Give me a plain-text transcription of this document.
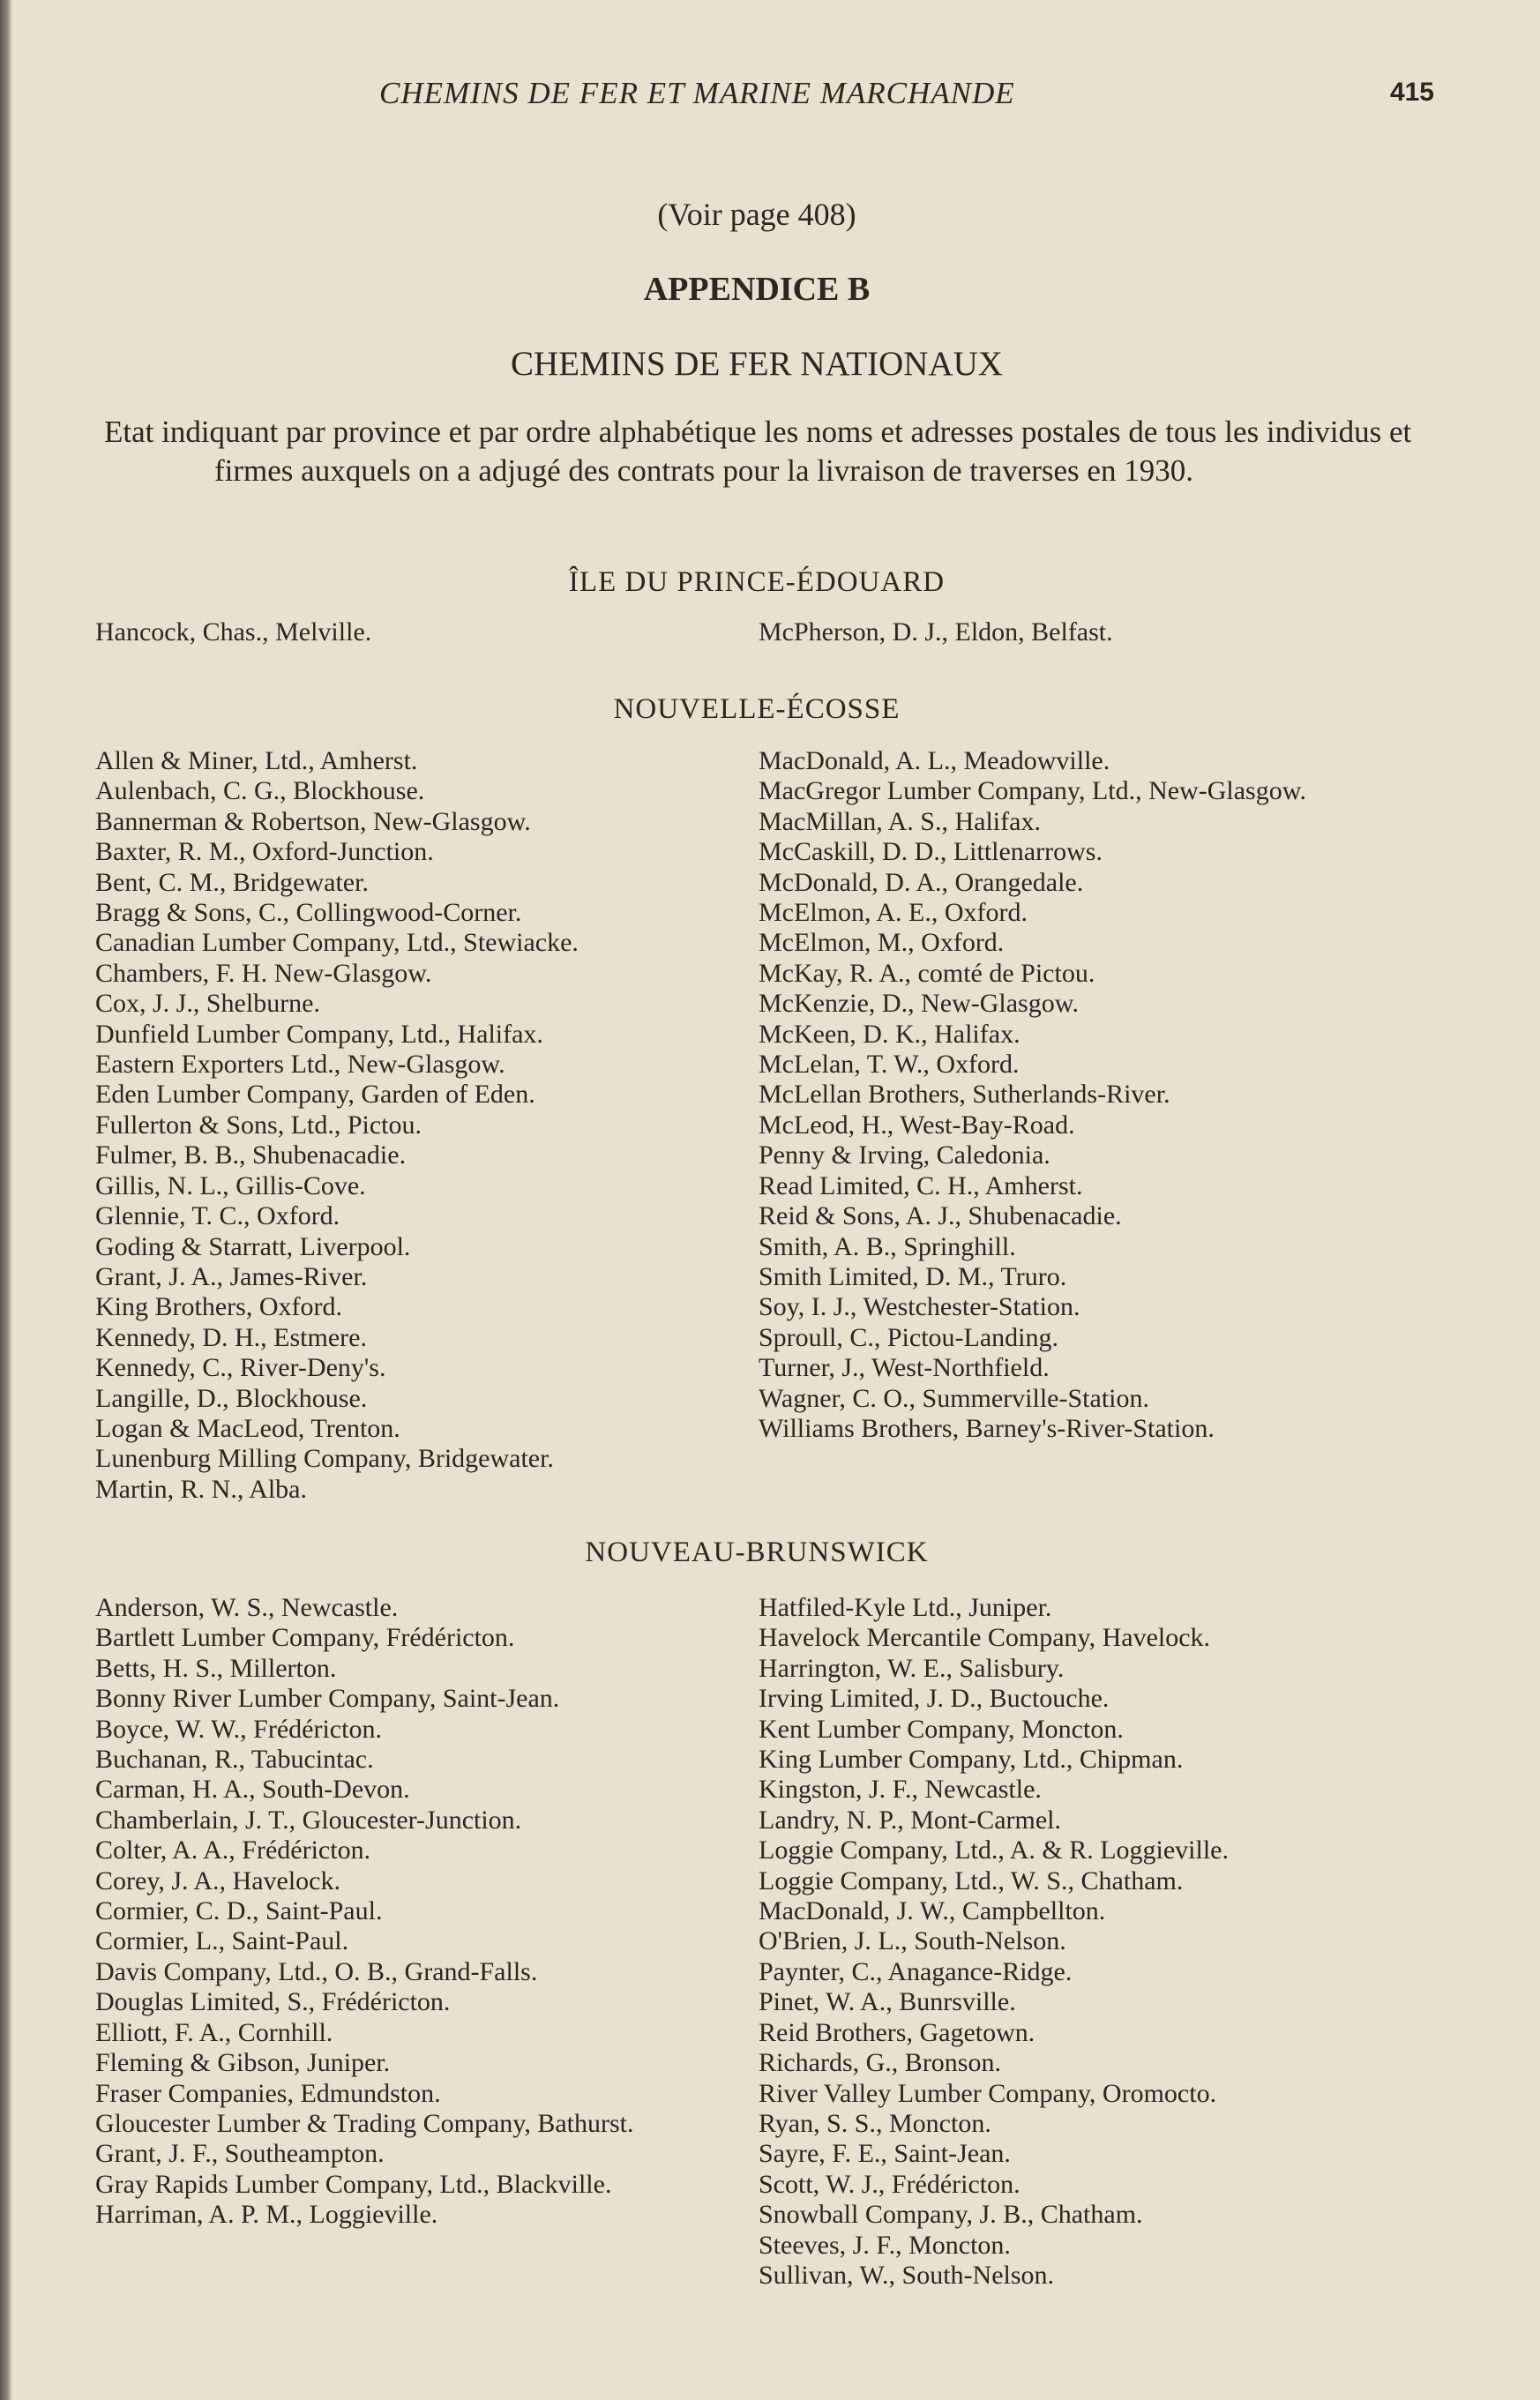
CHEMINS DE FER ET MARINE MARCHANDE	415
(Voir page 408)
APPENDICE B
CHEMINS DE FER NATIONAUX

Etat indiquant par province et par ordre alphabétique les noms et adresses postales de tous les individus et firmes auxquels on a adjugé des contrats pour la livraison de traverses en 1930.

ÎLE DU PRINCE-ÉDOUARD
Hancock, Chas., Melville.	McPherson, D. J., Eldon, Belfast.
NOUVELLE-ÉCOSSE
Allen & Miner, Ltd., Amherst.
Aulenbach, C. G., Blockhouse.
Bannerman & Robertson, New-Glasgow.
Baxter, R. M., Oxford-Junction.
Bent, C. M., Bridgewater.
Bragg & Sons, C., Collingwood-Corner.
Canadian Lumber Company, Ltd., Stewiacke.
Chambers, F. H. New-Glasgow.
Cox, J. J., Shelburne.
Dunfield Lumber Company, Ltd., Halifax.
Eastern Exporters Ltd., New-Glasgow.
Eden Lumber Company, Garden of Eden.
Fullerton & Sons, Ltd., Pictou.
Fulmer, B. B., Shubenacadie.
Gillis, N. L., Gillis-Cove.
Glennie, T. C., Oxford.
Goding & Starratt, Liverpool.
Grant, J. A., James-River.
King Brothers, Oxford.
Kennedy, D. H., Estmere.
Kennedy, C., River-Deny's.
Langille, D., Blockhouse.
Logan & MacLeod, Trenton.
Lunenburg Milling Company, Bridgewater.
Martin, R. N., Alba.
MacDonald, A. L., Meadowville.
MacGregor Lumber Company, Ltd., New-Glasgow.
MacMillan, A. S., Halifax.
McCaskill, D. D., Littlenarrows.
McDonald, D. A., Orangedale.
McElmon, A. E., Oxford.
McElmon, M., Oxford.
McKay, R. A., comté de Pictou.
McKenzie, D., New-Glasgow.
McKeen, D. K., Halifax.
McLelan, T. W., Oxford.
McLellan Brothers, Sutherlands-River.
McLeod, H., West-Bay-Road.
Penny & Irving, Caledonia.
Read Limited, C. H., Amherst.
Reid & Sons, A. J., Shubenacadie.
Smith, A. B., Springhill.
Smith Limited, D. M., Truro.
Soy, I. J., Westchester-Station.
Sproull, C., Pictou-Landing.
Turner, J., West-Northfield.
Wagner, C. O., Summerville-Station.
Williams Brothers, Barney's-River-Station.
NOUVEAU-BRUNSWICK
Anderson, W. S., Newcastle.
Bartlett Lumber Company, Frédéricton.
Betts, H. S., Millerton.
Bonny River Lumber Company, Saint-Jean.
Boyce, W. W., Frédéricton.
Buchanan, R., Tabucintac.
Carman, H. A., South-Devon.
Chamberlain, J. T., Gloucester-Junction.
Colter, A. A., Frédéricton.
Corey, J. A., Havelock.
Cormier, C. D., Saint-Paul.
Cormier, L., Saint-Paul.
Davis Company, Ltd., O. B., Grand-Falls.
Douglas Limited, S., Frédéricton.
Elliott, F. A., Cornhill.
Fleming & Gibson, Juniper.
Fraser Companies, Edmundston.
Gloucester Lumber & Trading Company, Bathurst.
Grant, J. F., Southeampton.
Gray Rapids Lumber Company, Ltd., Blackville.
Harriman, A. P. M., Loggieville.
Hatfiled-Kyle Ltd., Juniper.
Havelock Mercantile Company, Havelock.
Harrington, W. E., Salisbury.
Irving Limited, J. D., Buctouche.
Kent Lumber Company, Moncton.
King Lumber Company, Ltd., Chipman.
Kingston, J. F., Newcastle.
Landry, N. P., Mont-Carmel.
Loggie Company, Ltd., A. & R. Loggieville.
Loggie Company, Ltd., W. S., Chatham.
MacDonald, J. W., Campbellton.
O'Brien, J. L., South-Nelson.
Paynter, C., Anagance-Ridge.
Pinet, W. A., Bunrsville.
Reid Brothers, Gagetown.
Richards, G., Bronson.
River Valley Lumber Company, Oromocto.
Ryan, S. S., Moncton.
Sayre, F. E., Saint-Jean.
Scott, W. J., Frédéricton.
Snowball Company, J. B., Chatham.
Steeves, J. F., Moncton.
Sullivan, W., South-Nelson.
